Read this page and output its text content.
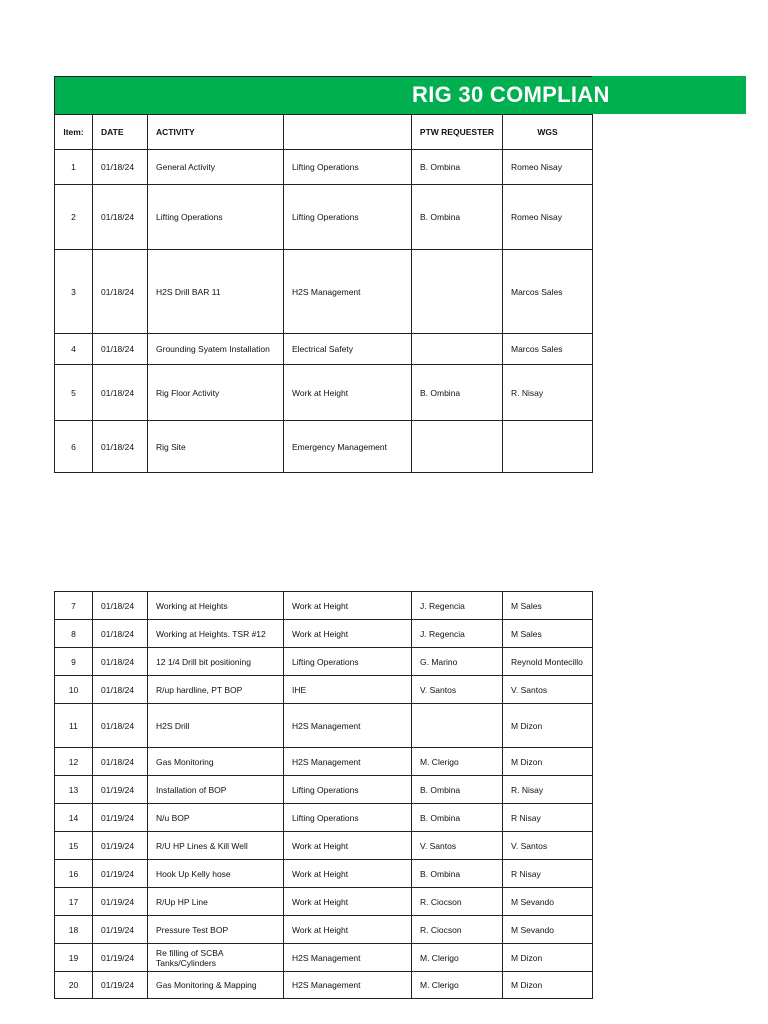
RIG 30 COMPLIAN
Item:	DATE	ACTIVITY		PTW REQUESTER	WGS
1	01/18/24	General Activity	Lifting Operations	B. Ombina	Romeo Nisay
2	01/18/24	Lifting Operations	Lifting Operations	B. Ombina	Romeo Nisay
3	01/18/24	H2S Drill BAR 11	H2S Management		Marcos Sales
4	01/18/24	Grounding Syatem Installation	Electrical Safety		Marcos Sales
5	01/18/24	Rig Floor Activity	Work at Height	B. Ombina	R. Nisay
6	01/18/24	Rig Site	Emergency Management		
7	01/18/24	Working at Heights	Work at Height	J. Regencia	M Sales
8	01/18/24	Working at Heights. TSR #12	Work at Height	J. Regencia	M Sales
9	01/18/24	12 1/4 Drill bit positioning	Lifting Operations	G. Marino	Reynold Montecillo
10	01/18/24	R/up hardline, PT BOP	IHE	V. Santos	V. Santos
11	01/18/24	H2S Drill	H2S Management		M Dizon
12	01/18/24	Gas Monitoring	H2S Management	M. Clerigo	M Dizon
13	01/19/24	Installation of BOP	Lifting Operations	B. Ombina	R. Nisay
14	01/19/24	N/u BOP	Lifting Operations	B. Ombina	R Nisay
15	01/19/24	R/U HP Lines & Kill Well	Work at Height	V. Santos	V. Santos
16	01/19/24	Hook Up Kelly hose	Work at Height	B. Ombina	R Nisay
17	01/19/24	R/Up HP Line	Work at Height	R. Ciocson	M Sevando
18	01/19/24	Pressure Test BOP	Work at Height	R. Ciocson	M Sevando
19	01/19/24	Re filling of SCBA Tanks/Cylinders	H2S Management	M. Clerigo	M Dizon
20	01/19/24	Gas Monitoring & Mapping	H2S Management	M. Clerigo	M Dizon
